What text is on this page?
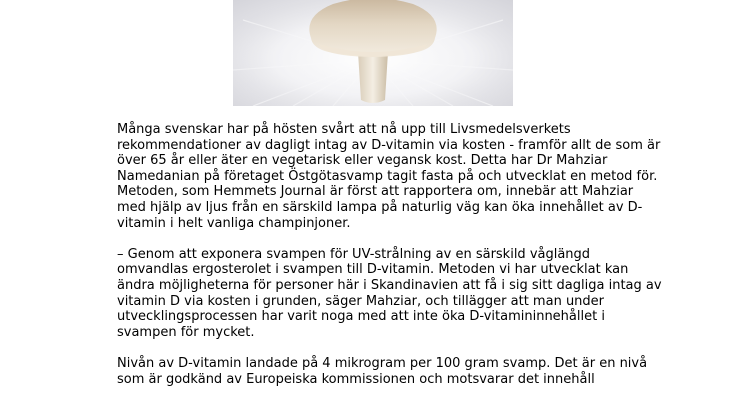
Många svenskar har på hösten svårt att nå upp till Livsmedelsverkets rekommendationer av dagligt intag av D-vitamin via kosten - framför allt de som är över 65 år eller äter en vegetarisk eller vegansk kost. Detta har Dr Mahziar Namedanian på företaget Östgötasvamp tagit fasta på och utvecklat en metod för. Metoden, som Hemmets Journal är först att rapportera om, innebär att Mahziar med hjälp av ljus från en särskild lampa på naturlig väg kan öka innehållet av D-vitamin i helt vanliga champinjoner.

– Genom att exponera svampen för UV-strålning av en särskild våglängd omvandlas ergosterolet i svampen till D-vitamin. Metoden vi har utvecklat kan ändra möjligheterna för personer här i Skandinavien att få i sig sitt dagliga intag av vitamin D via kosten i grunden, säger Mahziar, och tillägger att man under utvecklingsprocessen har varit noga med att inte öka D-vitamininnehållet i svampen för mycket.

Nivån av D-vitamin landade på 4 mikrogram per 100 gram svamp. Det är en nivå som är godkänd av Europeiska kommissionen och motsvarar det innehåll
